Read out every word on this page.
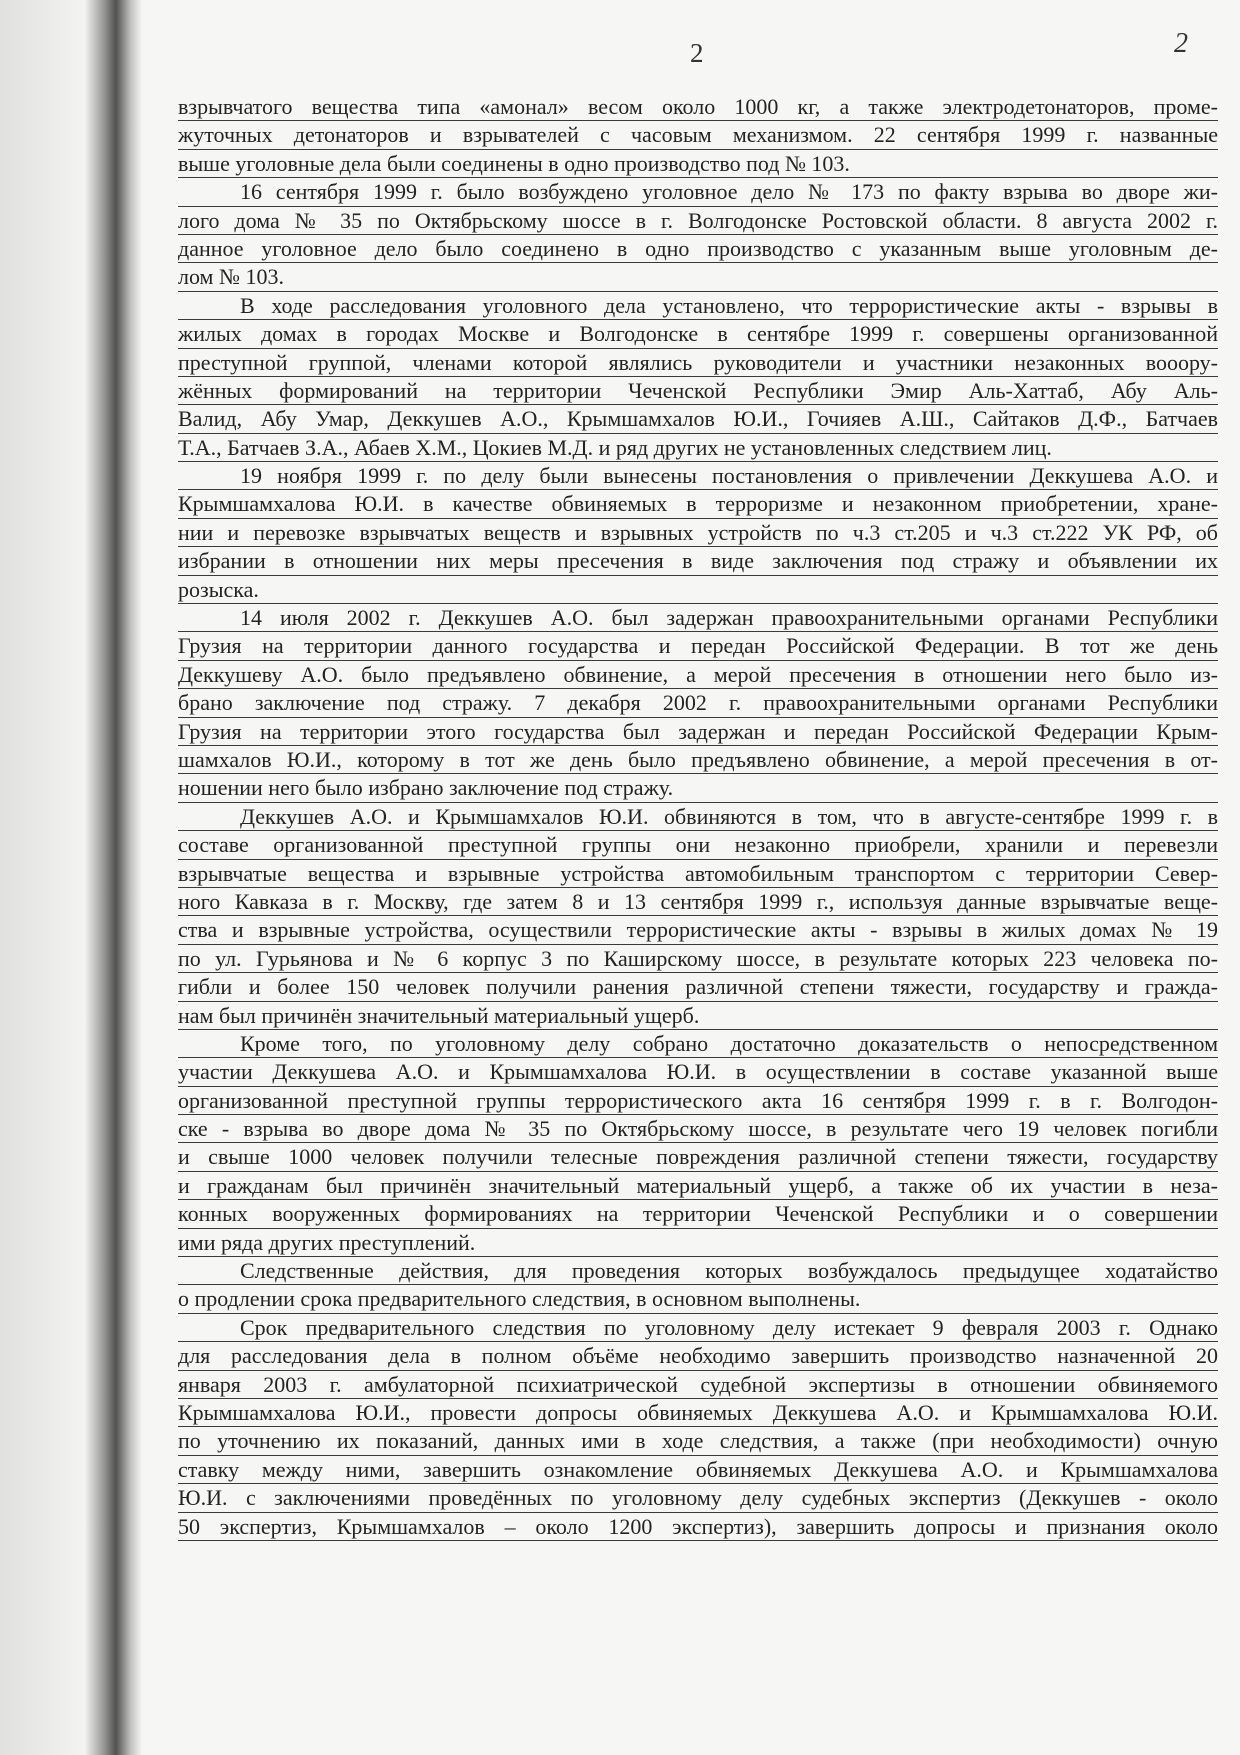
2	2
взрывчатого вещества типа «амонал» весом около 1000 кг, а также электродетонаторов, проме-
жуточных детонаторов и взрывателей с часовым механизмом. 22 сентября 1999 г. названные
выше уголовные дела были соединены в одно производство под № 103.
16 сентября 1999 г. было возбуждено уголовное дело № 173 по факту взрыва во дворе жи-
лого дома № 35 по Октябрьскому шоссе в г. Волгодонске Ростовской области. 8 августа 2002 г.
данное уголовное дело было соединено в одно производство с указанным выше уголовным де-
лом № 103.
В ходе расследования уголовного дела установлено, что террористические акты - взрывы в
жилых домах в городах Москве и Волгодонске в сентябре 1999 г. совершены организованной
преступной группой, членами которой являлись руководители и участники незаконных вооору-
жённых формирований на территории Чеченской Республики Эмир Аль-Хаттаб, Абу Аль-
Валид, Абу Умар, Деккушев А.О., Крымшамхалов Ю.И., Гочияев А.Ш., Сайтаков Д.Ф., Батчаев
Т.А., Батчаев З.А., Абаев Х.М., Цокиев М.Д. и ряд других не установленных следствием лиц.
19 ноября 1999 г. по делу были вынесены постановления о привлечении Деккушева А.О. и
Крымшамхалова Ю.И. в качестве обвиняемых в терроризме и незаконном приобретении, хране-
нии и перевозке взрывчатых веществ и взрывных устройств по ч.3 ст.205 и ч.3 ст.222 УК РФ, об
избрании в отношении них меры пресечения в виде заключения под стражу и объявлении их
розыска.
14 июля 2002 г. Деккушев А.О. был задержан правоохранительными органами Республики
Грузия на территории данного государства и передан Российской Федерации. В тот же день
Деккушеву А.О. было предъявлено обвинение, а мерой пресечения в отношении него было из-
брано заключение под стражу. 7 декабря 2002 г. правоохранительными органами Республики
Грузия на территории этого государства был задержан и передан Российской Федерации Крым-
шамхалов Ю.И., которому в тот же день было предъявлено обвинение, а мерой пресечения в от-
ношении него было избрано заключение под стражу.
Деккушев А.О. и Крымшамхалов Ю.И. обвиняются в том, что в августе-сентябре 1999 г. в
составе организованной преступной группы они незаконно приобрели, хранили и перевезли
взрывчатые вещества и взрывные устройства автомобильным транспортом с территории Север-
ного Кавказа в г. Москву, где затем 8 и 13 сентября 1999 г., используя данные взрывчатые веще-
ства и взрывные устройства, осуществили террористические акты - взрывы в жилых домах № 19
по ул. Гурьянова и № 6 корпус 3 по Каширскому шоссе, в результате которых 223 человека по-
гибли и более 150 человек получили ранения различной степени тяжести, государству и гражда-
нам был причинён значительный материальный ущерб.
Кроме того, по уголовному делу собрано достаточно доказательств о непосредственном
участии Деккушева А.О. и Крымшамхалова Ю.И. в осуществлении в составе указанной выше
организованной преступной группы террористического акта 16 сентября 1999 г. в г. Волгодон-
ске - взрыва во дворе дома № 35 по Октябрьскому шоссе, в результате чего 19 человек погибли
и свыше 1000 человек получили телесные повреждения различной степени тяжести, государству
и гражданам был причинён значительный материальный ущерб, а также об их участии в неза-
конных вооруженных формированиях на территории Чеченской Республики и о совершении
ими ряда других преступлений.
Следственные действия, для проведения которых возбуждалось предыдущее ходатайство
о продлении срока предварительного следствия, в основном выполнены.
Срок предварительного следствия по уголовному делу истекает 9 февраля 2003 г. Однако
для расследования дела в полном объёме необходимо завершить производство назначенной 20
января 2003 г. амбулаторной психиатрической судебной экспертизы в отношении обвиняемого
Крымшамхалова Ю.И., провести допросы обвиняемых Деккушева А.О. и Крымшамхалова Ю.И.
по уточнению их показаний, данных ими в ходе следствия, а также (при необходимости) очную
ставку между ними, завершить ознакомление обвиняемых Деккушева А.О. и Крымшамхалова
Ю.И. с заключениями проведённых по уголовному делу судебных экспертиз (Деккушев - около
50 экспертиз, Крымшамхалов – около 1200 экспертиз), завершить допросы и признания около
